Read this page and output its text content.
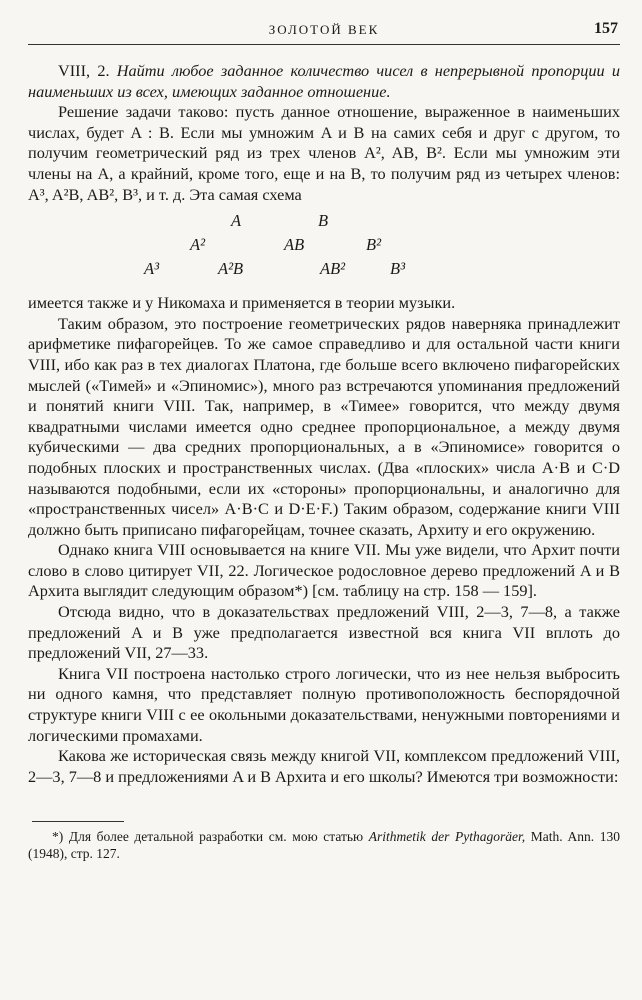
ЗОЛОТОЙ ВЕК	157

VIII, 2. Найти любое заданное количество чисел в непрерывной пропорции и наименьших из всех, имеющих заданное отношение.

Решение задачи таково: пусть данное отношение, выраженное в наименьших числах, будет A : B. Если мы умножим A и B на самих себя и друг с другом, то получим геометрический ряд из трех членов A², AB, B². Если мы умножим эти члены на A, а крайний, кроме того, еще и на B, то получим ряд из четырех членов: A³, A²B, AB², B³, и т. д. Эта самая схема

A	B
A²	AB	B²
A³	A²B	AB²	B³

имеется также и у Никомаха и применяется в теории музыки.

Таким образом, это построение геометрических рядов наверняка принадлежит арифметике пифагорейцев. То же самое справедливо и для остальной части книги VIII, ибо как раз в тех диалогах Платона, где больше всего включено пифагорейских мыслей («Тимей» и «Эпиномис»), много раз встречаются упоминания предложений и понятий книги VIII. Так, например, в «Тимее» говорится, что между двумя квадратными числами имеется одно среднее пропорциональное, а между двумя кубическими — два средних пропорциональных, а в «Эпиномисе» говорится о подобных плоских и пространственных числах. (Два «плоских» числа A·B и C·D называются подобными, если их «стороны» пропорциональны, и аналогично для «пространственных чисел» A·B·C и D·E·F.) Таким образом, содержание книги VIII должно быть приписано пифагорейцам, точнее сказать, Архиту и его окружению.

Однако книга VIII основывается на книге VII. Мы уже видели, что Архит почти слово в слово цитирует VII, 22. Логическое родословное дерево предложений A и B Архита выглядит следующим образом*) [см. таблицу на стр. 158 — 159].

Отсюда видно, что в доказательствах предложений VIII, 2—3, 7—8, а также предложений A и B уже предполагается известной вся книга VII вплоть до предложений VII, 27—33.

Книга VII построена настолько строго логически, что из нее нельзя выбросить ни одного камня, что представляет полную противоположность беспорядочной структуре книги VIII с ее окольными доказательствами, ненужными повторениями и логическими промахами.

Какова же историческая связь между книгой VII, комплексом предложений VIII, 2—3, 7—8 и предложениями A и B Архита и его школы? Имеются три возможности:

*) Для более детальной разработки см. мою статью Arithmetik der Pythagoräer, Math. Ann. 130 (1948), стр. 127.
